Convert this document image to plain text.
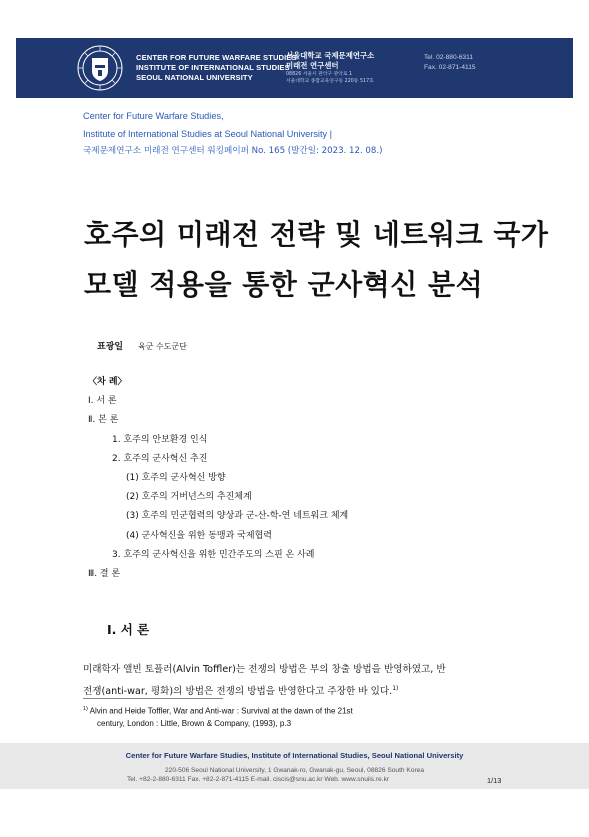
CENTER FOR FUTURE WARFARE STUDIES
INSTITUTE OF INTERNATIONAL STUDIES
SEOUL NATIONAL UNIVERSITY
서울대학교 국제문제연구소
미래전 연구센터
08826 서울시 관악구 관악로 1
서울대학교 종합교육연구동 220동 517호
Tel. 02-880-6311
Fax. 02-871-4115
Center for Future Warfare Studies,
Institute of International Studies at Seoul National University |
국제문제연구소 미래전 연구센터 워킹페이퍼 No. 165 (발간일: 2023. 12. 08.)
호주의 미래전 전략 및 네트워크 국가
모델 적용을 통한 군사혁신 분석
표광일 육군 수도군단
〈차 례〉
Ⅰ. 서 론
Ⅱ. 본 론
1. 호주의 안보환경 인식
2. 호주의 군사혁신 추진
(1) 호주의 군사혁신 방향
(2) 호주의 거버넌스의 추진체계
(3) 호주의 민군협력의 양상과 군-산-학-연 네트워크 체계
(4) 군사혁신을 위한 동맹과 국제협력
3. 호주의 군사혁신을 위한 민간주도의 스핀 온 사례
Ⅲ. 결 론
Ⅰ. 서 론
미래학자 앨빈 토플러(Alvin Toffler)는 전쟁의 방법은 부의 창출 방법을 반영하였고, 반
전쟁(anti-war, 평화)의 방법은 전쟁의 방법을 반영한다고 주장한 바 있다.$^{1)}$
$^{1)}$ Alvin and Heide Toffler, War and Anti-war : Survival at the dawn of the 21st
century, London : Little, Brown & Company, (1993), p.3
Center for Future Warfare Studies, Institute of International Studies, Seoul National University
220-506 Seoul National University, 1 Gwanak-ro, Gwanak-gu, Seoul, 08826 South Korea
Tel. +82-2-880-6311 Fax. +82-2-871-4115 E-mail. ciscis@snu.ac.kr Web. www.snuiis.re.kr	1/13
